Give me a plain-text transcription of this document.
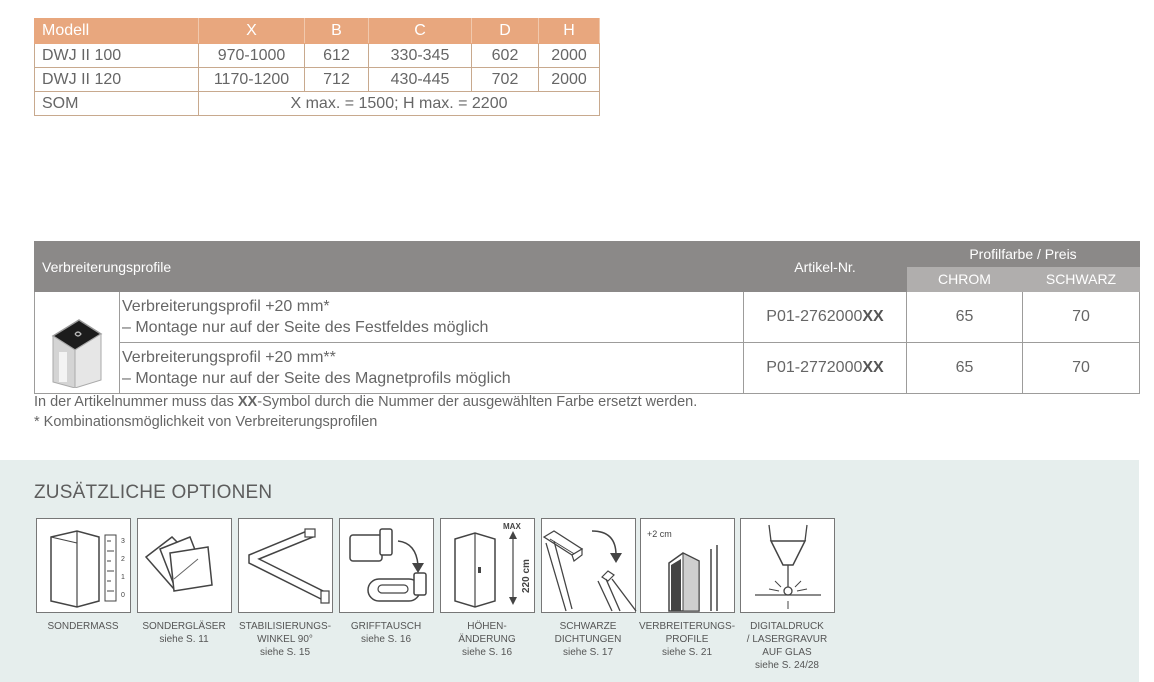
Modell	X	B	C	D	H
DWJ II 100	970-1000	612	330-345	602	2000
DWJ II 120	1170-1200	712	430-445	702	2000
SOM	X max. = 1500; H max. = 2200				
Verbreiterungsprofile		Artikel-Nr.	Profilfarbe / Preis	
			CHROM	SCHWARZ

Verbreiterungsprofil +20 mm*
– Montage nur auf der Seite des Festfeldes möglich	P01-2762000XX	65	70

	Verbreiterungsprofil +20 mm**
– Montage nur auf der Seite des Magnetprofils möglich	P01-2772000XX	65	70
In der Artikelnummer muss das XX-Symbol durch die Nummer der ausgewählten Farbe ersetzt werden.
* Kombinationsmöglichkeit von Verbreiterungsprofilen
ZUSÄTZLICHE OPTIONEN
3
2
1
0
SONDERMASS	SONDERGLÄSER
siehe S. 11
STABILISIERUNGS-
WINKEL 90°
siehe S. 15
GRIFFTAUSCH
siehe S. 16
MAX
220 cm
HÖHEN-
ÄNDERUNG
siehe S. 16
SCHWARZE
DICHTUNGEN
siehe S. 17
+2 cm
VERBREITERUNGS-
PROFILE
siehe S. 21
DIGITALDRUCK
/ LASERGRAVUR
AUF GLAS
siehe S. 24/28
